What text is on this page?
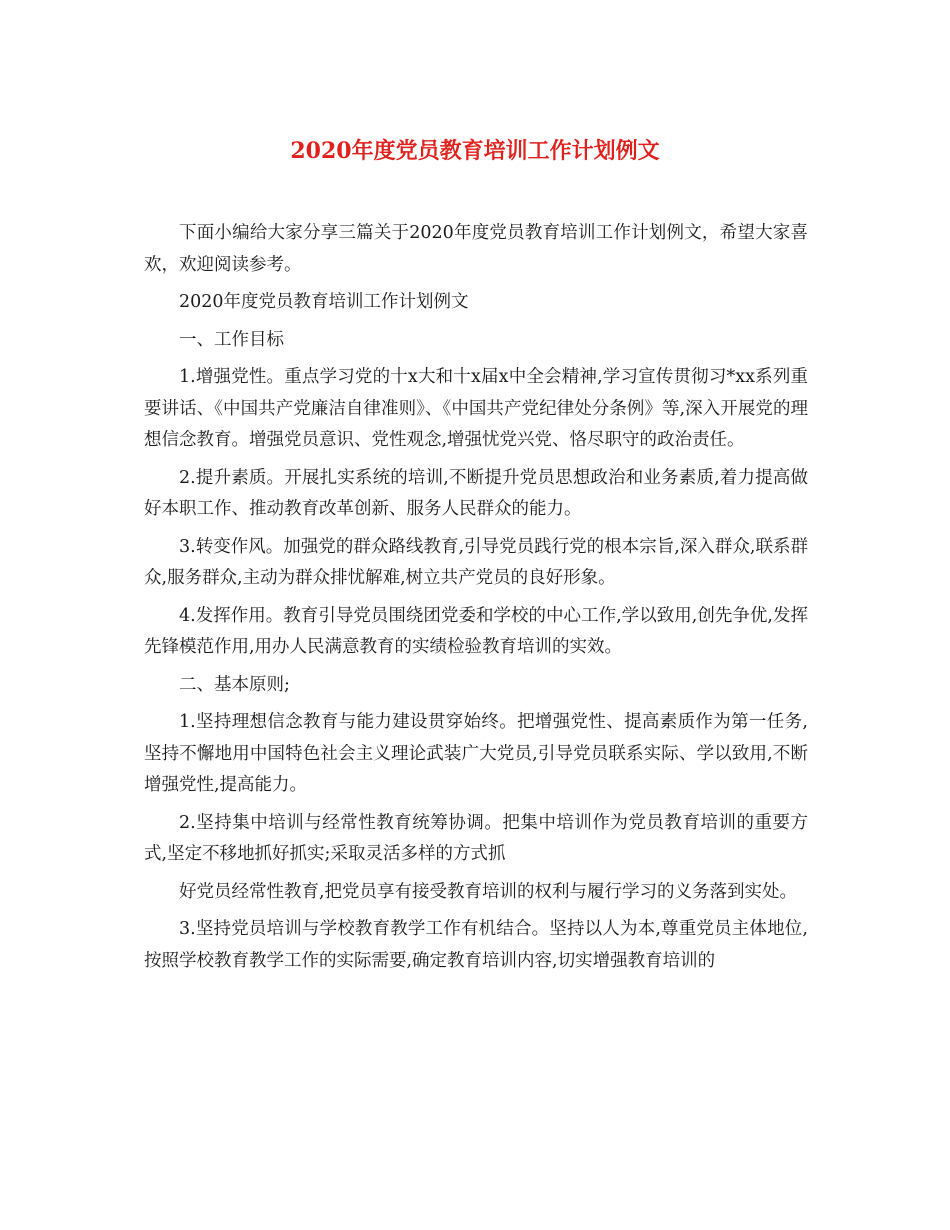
2020年度党员教育培训工作计划例文

下面小编给大家分享三篇关于2020年度党员教育培训工作计划例文，希望大家喜欢，欢迎阅读参考。

2020年度党员教育培训工作计划例文

一、工作目标

1.增强党性。重点学习党的十x大和十x届x中全会精神,学习宣传贯彻习*xx系列重要讲话、《中国共产党廉洁自律准则》、《中国共产党纪律处分条例》等,深入开展党的理想信念教育。增强党员意识、党性观念,增强忧党兴党、恪尽职守的政治责任。

2.提升素质。开展扎实系统的培训,不断提升党员思想政治和业务素质,着力提高做好本职工作、推动教育改革创新、服务人民群众的能力。

3.转变作风。加强党的群众路线教育,引导党员践行党的根本宗旨,深入群众,联系群众,服务群众,主动为群众排忧解难,树立共产党员的良好形象。

4.发挥作用。教育引导党员围绕团党委和学校的中心工作,学以致用,创先争优,发挥先锋模范作用,用办人民满意教育的实绩检验教育培训的实效。

二、基本原则;

1.坚持理想信念教育与能力建设贯穿始终。把增强党性、提高素质作为第一任务,坚持不懈地用中国特色社会主义理论武装广大党员,引导党员联系实际、学以致用,不断增强党性,提高能力。

2.坚持集中培训与经常性教育统筹协调。把集中培训作为党员教育培训的重要方式,坚定不移地抓好抓实;采取灵活多样的方式抓

好党员经常性教育,把党员享有接受教育培训的权利与履行学习的义务落到实处。

3.坚持党员培训与学校教育教学工作有机结合。坚持以人为本,尊重党员主体地位,按照学校教育教学工作的实际需要,确定教育培训内容,切实增强教育培训的
